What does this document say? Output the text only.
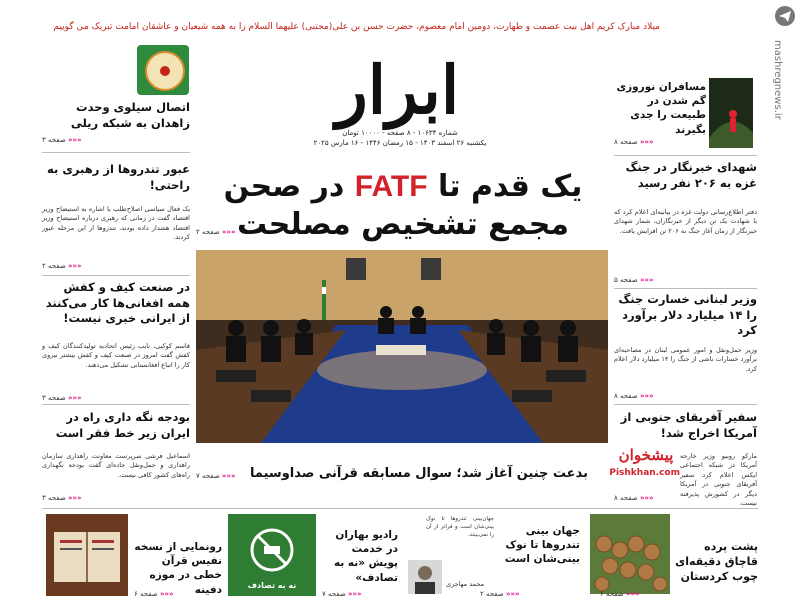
میلاد مبارک کریم اهل بیت عصمت و طهارت، دومین امام معصوم، حضرت حسن بن علی(مجتبی) علیهما السلام را به همه شیعیان و عاشقان امامت تبریک می گوییم
mashregnews.ir
ابرار
شماره ۱۰۶۳۴ - ۸ صفحه - ۱۰۰۰۰ تومان
یکشنبه ۲۶ اسفند ۱۴۰۳ - ۱۵ رمضان ۱۴۴۶ - ۱۶ مارس ۲۰۲۵
مسافران نوروزی گم شدن در طبیعت را جدی بگیرند
««« صفحه ۸
شهدای خبرنگار در جنگ غزه به ۲۰۶ نفر رسید
دفتر اطلاع‌رسانی دولت غزه در بیانیه‌ای اعلام کرد که با شهادت یک تن دیگر از خبرنگاران، شمار شهدای خبرنگار از زمان آغاز جنگ به ۲۰۶ تن افزایش یافت.
««« صفحه ۵
وزیر لبنانی خسارت جنگ را ۱۴ میلیارد دلار برآورد کرد
وزیر حمل‌ونقل و امور عمومی لبنان در مصاحبه‌ای برآورد خسارات ناشی از جنگ را ۱۴ میلیارد دلار اعلام کرد.
««« صفحه ۸
سفیر آفریقای جنوبی از آمریکا اخراج شد!
مارکو روبیو وزیر خارجه آمریکا در شبکه اجتماعی ایکس اعلام کرد سفیر آفریقای جنوبی در آمریکا دیگر در کشورش پذیرفته نیست.
««« صفحه ۸
پیشخوان
Pishkhan.com
اتصال سیلوی وحدت زاهدان به شبکه ریلی
««« صفحه ۳
عبور تندروها از رهبری به راحتی!
یک فعال سیاسی اصلاح‌طلب با اشاره به استیضاح وزیر اقتصاد گفت در زمانی که رهبری درباره استیضاح وزیر اقتصاد هشدار داده بودند، تندروها از این مرحله عبور کردند.
««« صفحه ۲
در صنعت کیف و کفش همه افغانی‌ها کار می‌کنند از ایرانی خبری نیست!
قاسم کوکبی، نایب رئیس اتحادیه تولیدکنندگان کیف و کفش گفت امروز در صنعت کیف و کفش بیشتر نیروی کار را اتباع افغانستانی تشکیل می‌دهند.
««« صفحه ۳
بودجه نگه داری راه در ایران زیر خط فقر است
اسماعیل فرشی سرپرست معاونت راهداری سازمان راهداری و حمل‌ونقل جاده‌ای گفت بودجه نگهداری راه‌های کشور کافی نیست.
««« صفحه ۳
یک قدم تا FATF در صحن
مجمع تشخیص مصلحت
««« صفحه ۲
بدعت چنین آغاز شد؛ سوال مسابقه قرآنی صداوسیما
««« صفحه ۷
پشت پرده قاچاق دقیقه‌ای چوب کردستان
««« صفحه ۶
جهان بینی تندروها تا نوک بینی‌شان است
جهان‌بینی تندروها تا نوک بینی‌شان است و فراتر از آن را نمی‌بینند.
محمد مهاجری
««« صفحه ۲
رادیو بهاران در خدمت پویش «نه به تصادف»
نه به تصادف
««« صفحه ۷
رونمایی از نسخه نفیس قرآن خطی در موزه دفینه
««« صفحه ۶
